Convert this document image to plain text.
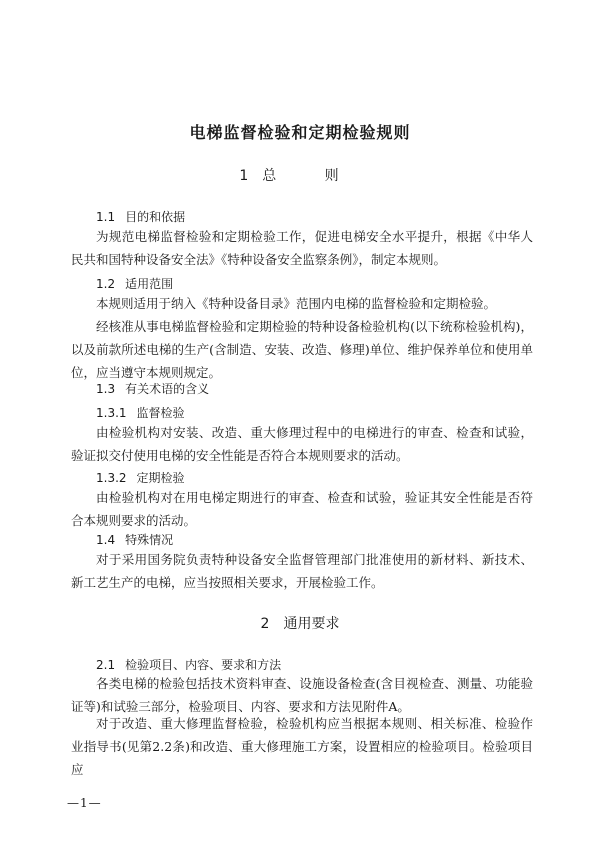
电梯监督检验和定期检验规则
1 总 则
1.1 目的和依据

为规范电梯监督检验和定期检验工作，促进电梯安全水平提升，根据《中华人民共和国特种设备安全法》《特种设备安全监察条例》，制定本规则。

1.2 适用范围

本规则适用于纳入《特种设备目录》范围内电梯的监督检验和定期检验。

经核准从事电梯监督检验和定期检验的特种设备检验机构(以下统称检验机构)，以及前款所述电梯的生产(含制造、安装、改造、修理)单位、维护保养单位和使用单位，应当遵守本规则规定。

1.3 有关术语的含义
1.3.1 监督检验

由检验机构对安装、改造、重大修理过程中的电梯进行的审查、检查和试验，验证拟交付使用电梯的安全性能是否符合本规则要求的活动。

1.3.2 定期检验

由检验机构对在用电梯定期进行的审查、检查和试验，验证其安全性能是否符合本规则要求的活动。

1.4 特殊情况

对于采用国务院负责特种设备安全监督管理部门批准使用的新材料、新技术、新工艺生产的电梯，应当按照相关要求，开展检验工作。

2 通用要求
2.1 检验项目、内容、要求和方法

各类电梯的检验包括技术资料审查、设施设备检查(含目视检查、测量、功能验证等)和试验三部分，检验项目、内容、要求和方法见附件A。

对于改造、重大修理监督检验，检验机构应当根据本规则、相关标准、检验作业指导书(见第2.2条)和改造、重大修理施工方案，设置相应的检验项目。检验项目应

—1—
